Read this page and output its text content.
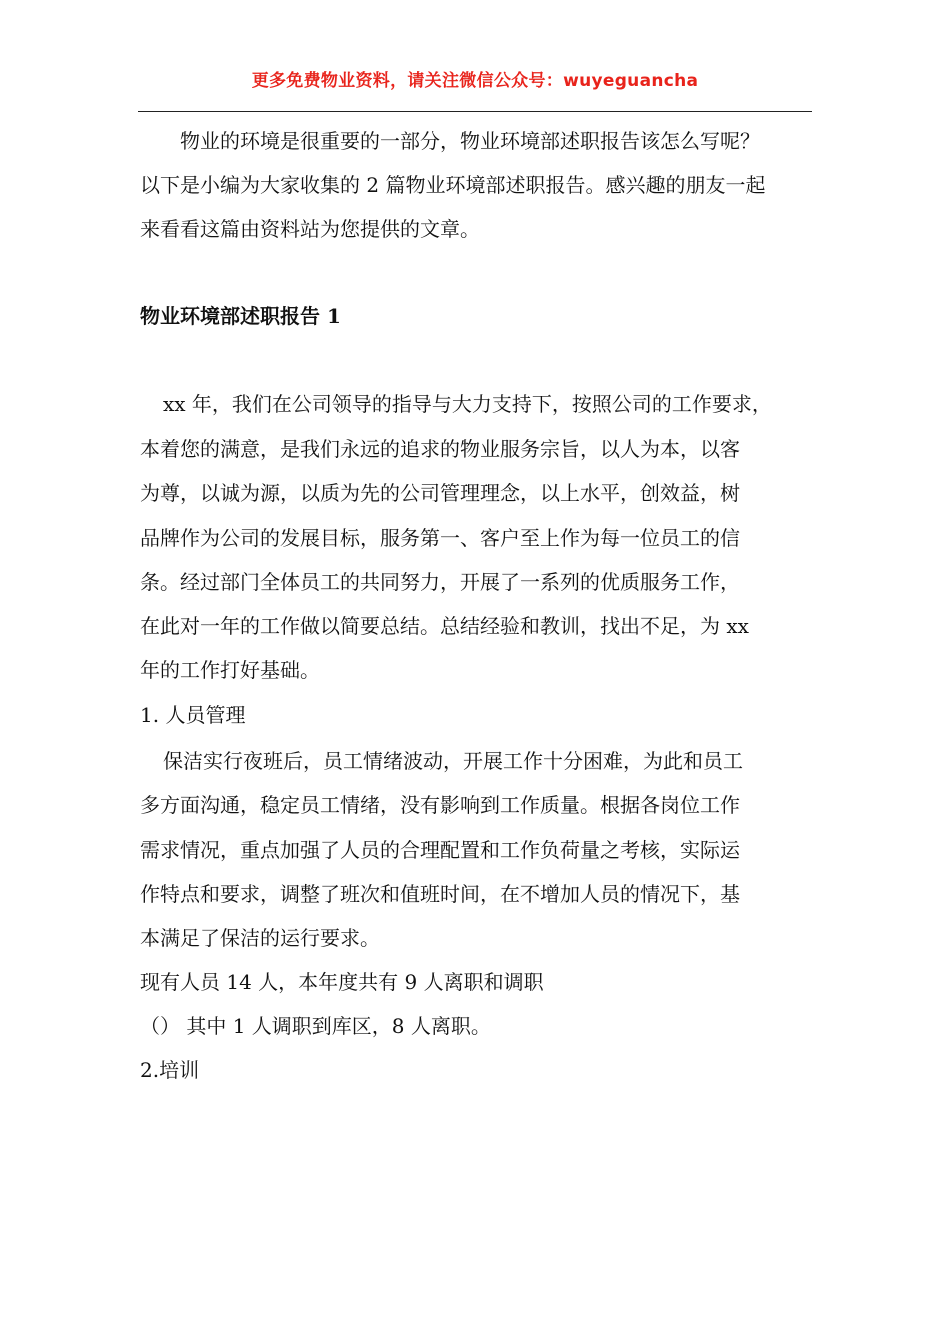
更多免费物业资料，请关注微信公众号：wuyeguancha
物业的环境是很重要的一部分，物业环境部述职报告该怎么写呢？
以下是小编为大家收集的 2 篇物业环境部述职报告。感兴趣的朋友一起
来看看这篇由资料站为您提供的文章。
物业环境部述职报告 1
xx 年，我们在公司领导的指导与大力支持下，按照公司的工作要求，
本着您的满意，是我们永远的追求的物业服务宗旨，以人为本，以客
为尊，以诚为源，以质为先的公司管理理念，以上水平，创效益，树
品牌作为公司的发展目标，服务第一、客户至上作为每一位员工的信
条。经过部门全体员工的共同努力，开展了一系列的优质服务工作，
在此对一年的工作做以简要总结。总结经验和教训，找出不足，为 xx
年的工作打好基础。
1. 人员管理
保洁实行夜班后，员工情绪波动，开展工作十分困难，为此和员工
多方面沟通，稳定员工情绪，没有影响到工作质量。根据各岗位工作
需求情况，重点加强了人员的合理配置和工作负荷量之考核，实际运
作特点和要求，调整了班次和值班时间，在不增加人员的情况下，基
本满足了保洁的运行要求。
现有人员 14 人，本年度共有 9 人离职和调职
（） 其中 1 人调职到库区，8 人离职。
2.培训
